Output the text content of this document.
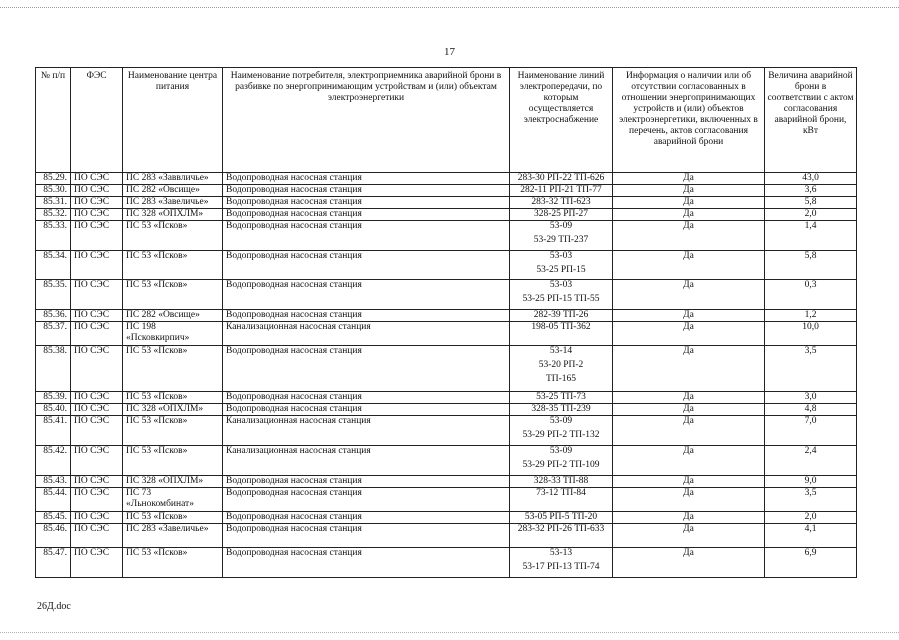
17
№ п/п	ФЭС	Наименование центра питания	Наименование потребителя, электроприемника аварийной брони в разбивке по энергопринимающим устройствам и (или) объектам электроэнергетики	Наименование линий электропередачи, по которым осуществляется электроснабжение	Информация о наличии или об отсутствии согласованных в отношении энергопринимающих устройств и (или) объектов электроэнергетики, включенных в перечень, актов согласования аварийной брони	Величина аварийной брони в соответствии с актом согласования аварийной брони, кВт
85.29.	ПО СЭС	ПС 283 «Заввличье»	Водопроводная насосная станция	283-30 РП-22 ТП-626	Да	43,0
85.30.	ПО СЭС	ПС 282 «Овсище»	Водопроводная насосная станция	282-11 РП-21 ТП-77	Да	3,6
85.31.	ПО СЭС	ПС 283 «Завеличье»	Водопроводная насосная станция	283-32 ТП-623	Да	5,8
85.32.	ПО СЭС	ПС 328 «ОПХЛМ»	Водопроводная насосная станция	328-25 РП-27	Да	2,0
85.33.	ПО СЭС	ПС 53 «Псков»	Водопроводная насосная станция	53-09
53-29 ТП-237	Да	1,4
85.34.	ПО СЭС	ПС 53 «Псков»	Водопроводная насосная станция	53-03
53-25 РП-15	Да	5,8
85.35.	ПО СЭС	ПС 53 «Псков»	Водопроводная насосная станция	53-03
53-25 РП-15 ТП-55	Да	0,3
85.36.	ПО СЭС	ПС 282 «Овсище»	Водопроводная насосная станция	282-39 ТП-26	Да	1,2
85.37.	ПО СЭС	ПС 198 «Псковкирпич»	Канализационная насосная станция	198-05 ТП-362	Да	10,0
85.38.	ПО СЭС	ПС 53 «Псков»	Водопроводная насосная станция	53-14
53-20 РП-2
ТП-165	Да	3,5
85.39.	ПО СЭС	ПС 53 «Псков»	Водопроводная насосная станция	53-25 ТП-73	Да	3,0
85.40.	ПО СЭС	ПС 328 «ОПХЛМ»	Водопроводная насосная станция	328-35 ТП-239	Да	4,8
85.41.	ПО СЭС	ПС 53 «Псков»	Канализационная насосная станция	53-09
53-29 РП-2 ТП-132	Да	7,0
85.42.	ПО СЭС	ПС 53 «Псков»	Канализационная насосная станция	53-09
53-29 РП-2 ТП-109	Да	2,4
85.43.	ПО СЭС	ПС 328 «ОПХЛМ»	Водопроводная насосная станция	328-33 ТП-88	Да	9,0
85.44.	ПО СЭС	ПС 73 «Льнокомбинат»	Водопроводная насосная станция	73-12 ТП-84	Да	3,5
85.45.	ПО СЭС	ПС 53 «Псков»	Водопроводная насосная станция	53-05 РП-5 ТП-20	Да	2,0
85.46.	ПО СЭС	ПС 283 «Завеличье»	Водопроводная насосная станция	283-32 РП-26 ТП-633	Да	4,1
85.47.	ПО СЭС	ПС 53 «Псков»	Водопроводная насосная станция	53-13
53-17 РП-13 ТП-74	Да	6,9
26Д.doc
